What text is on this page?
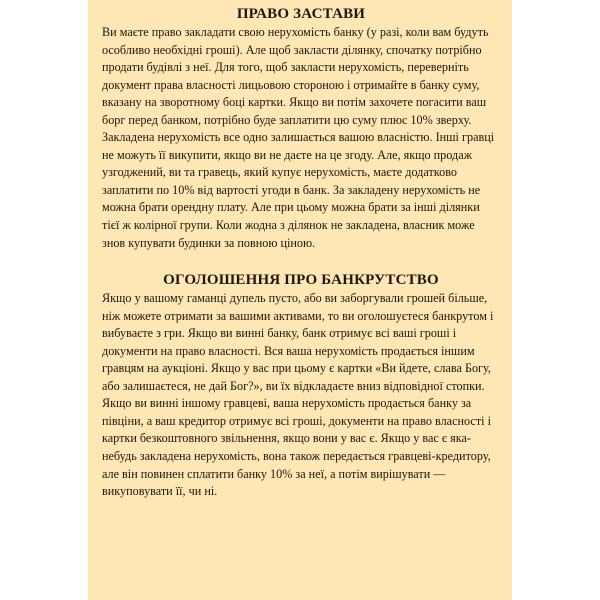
ПРАВО ЗАСТАВИ

Ви маєте право закладати свою нерухомість банку (у разі, коли вам будуть особливо необхідні гроші). Але щоб закласти ділянку, спочатку потрібно продати будівлі з неї. Для того, щоб закласти нерухомість, переверніть документ права власності лицьовою стороною і отримайте в банку суму, вказану на зворотному боці картки. Якщо ви потім захочете погасити ваш борг перед банком, потрібно буде заплатити цю суму плюс 10% зверху. Закладена нерухомість все одно залишається вашою власністю. Інші гравці не можуть її викупити, якщо ви не даєте на це згоду. Але, якщо продаж узгоджений, ви та гравець, який купує нерухомість, маєте додатково заплатити по 10% від вартості угоди в банк. За закладену нерухомість не можна брати орендну плату. Але при цьому можна брати за інші ділянки тієї ж колірної групи. Коли жодна з ділянок не закладена, власник може знов купувати будинки за повною ціною.

ОГОЛОШЕННЯ ПРО БАНКРУТСТВО

Якщо у вашому гаманці дупель пусто, або ви заборгували грошей більше, ніж можете отримати за вашими активами, то ви оголошуєтеся банкрутом і вибуваєте з гри. Якщо ви винні банку, банк отримує всі ваші гроші і документи на право власності. Вся ваша нерухомість продається іншим гравцям на аукціоні. Якщо у вас при цьому є картки «Ви йдете, слава Богу, або залишаєтеся, не дай Бог?», ви їх відкладаєте вниз відповідної стопки. Якщо ви винні іншому гравцеві, ваша нерухомість продається банку за півціни, а ваш кредитор отримує всі гроші, документи на право власності і картки безкоштовного звільнення, якщо вони у вас є. Якщо у вас є яка-небудь закладена нерухомість, вона також передається гравцеві-кредитору, але він повинен сплатити банку 10% за неї, а потім вирішувати — викуповувати її, чи ні.
